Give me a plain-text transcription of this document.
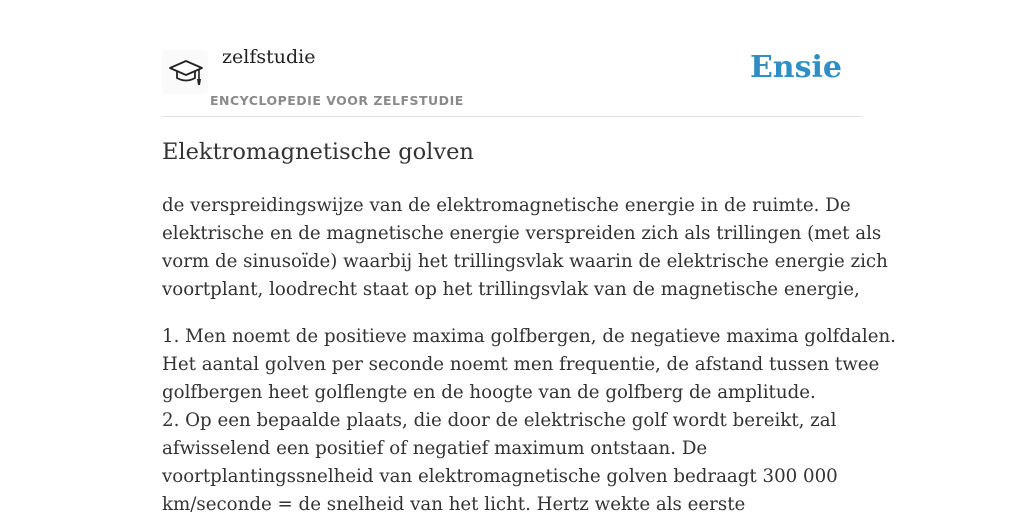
zelfstudie
ENCYCLOPEDIE VOOR ZELFSTUDIE
Ensie
Elektromagnetische golven

de verspreidingswijze van de elektromagnetische energie in de ruimte. De
elektrische en de magnetische energie verspreiden zich als trillingen (met als
vorm de sinusoïde) waarbij het trillingsvlak waarin de elektrische energie zich
voortplant, loodrecht staat op het trillingsvlak van de magnetische energie,

1. Men noemt de positieve maxima golfbergen, de negatieve maxima golfdalen.
Het aantal golven per seconde noemt men frequentie, de afstand tussen twee
golfbergen heet golflengte en de hoogte van de golfberg de amplitude.
2. Op een bepaalde plaats, die door de elektrische golf wordt bereikt, zal
afwisselend een positief of negatief maximum ontstaan. De
voortplantingssnelheid van elektromagnetische golven bedraagt 300 000
km/seconde = de snelheid van het licht. Hertz wekte als eerste
